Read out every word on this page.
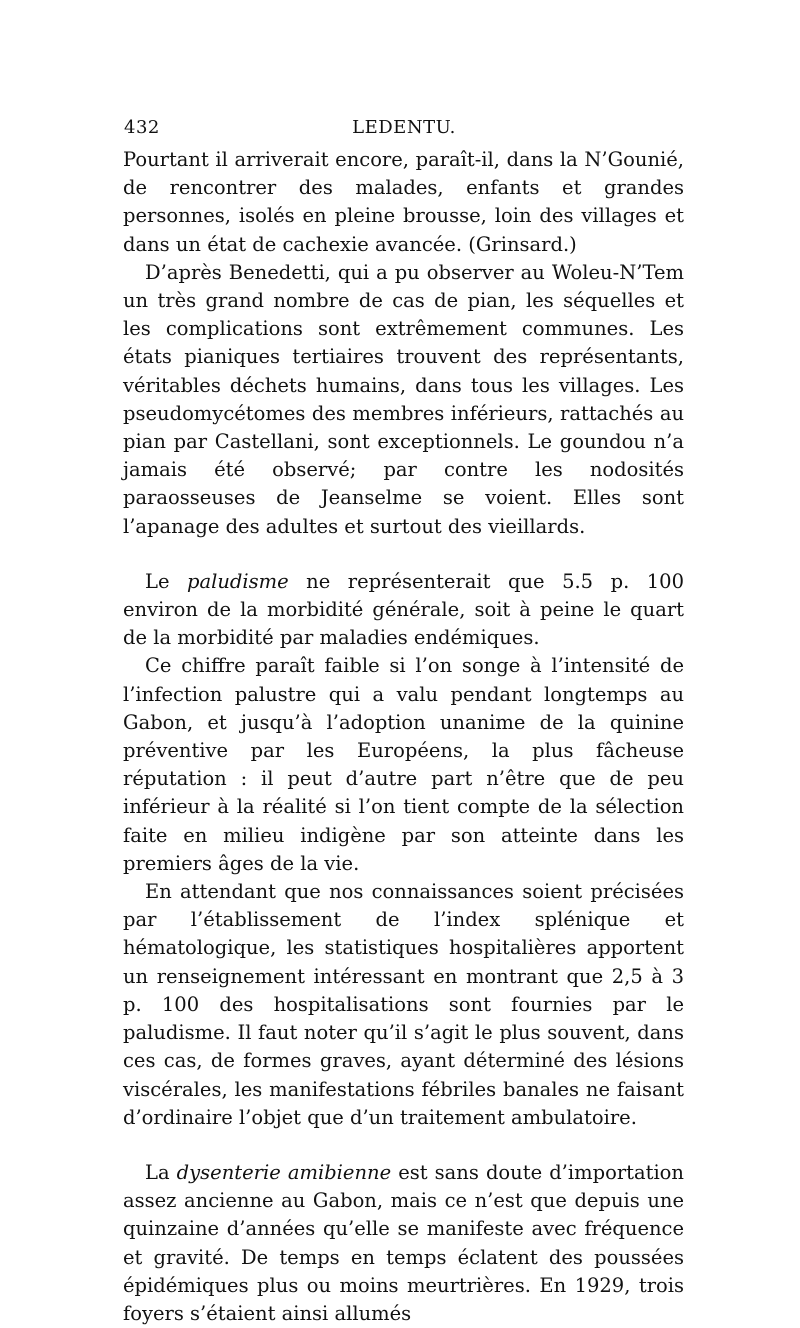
432	LEDENTU.

Pourtant il arriverait encore, paraît-il, dans la N’Gounié, de rencontrer des malades, enfants et grandes personnes, isolés en pleine brousse, loin des villages et dans un état de cachexie avancée. (Grinsard.)

D’après Benedetti, qui a pu observer au Woleu-N’Tem un très grand nombre de cas de pian, les séquelles et les complications sont extrêmement communes. Les états pianiques tertiaires trouvent des représentants, véritables déchets humains, dans tous les villages. Les pseudomycétomes des membres inférieurs, rattachés au pian par Castellani, sont exceptionnels. Le goundou n’a jamais été observé; par contre les nodosités paraosseuses de Jeanselme se voient. Elles sont l’apanage des adultes et surtout des vieillards.

Le paludisme ne représenterait que 5.5 p. 100 environ de la morbidité générale, soit à peine le quart de la morbidité par maladies endémiques.

Ce chiffre paraît faible si l’on songe à l’intensité de l’infection palustre qui a valu pendant longtemps au Gabon, et jusqu’à l’adoption unanime de la quinine préventive par les Européens, la plus fâcheuse réputation : il peut d’autre part n’être que de peu inférieur à la réalité si l’on tient compte de la sélection faite en milieu indigène par son atteinte dans les premiers âges de la vie.

En attendant que nos connaissances soient précisées par l’établissement de l’index splénique et hématologique, les statistiques hospitalières apportent un renseignement intéressant en montrant que 2,5 à 3 p. 100 des hospitalisations sont fournies par le paludisme. Il faut noter qu’il s’agit le plus souvent, dans ces cas, de formes graves, ayant déterminé des lésions viscérales, les manifestations fébriles banales ne faisant d’ordinaire l’objet que d’un traitement ambulatoire.

La dysenterie amibienne est sans doute d’importation assez ancienne au Gabon, mais ce n’est que depuis une quinzaine d’années qu’elle se manifeste avec fréquence et gravité. De temps en temps éclatent des poussées épidémiques plus ou moins meurtrières. En 1929, trois foyers s’étaient ainsi allumés
